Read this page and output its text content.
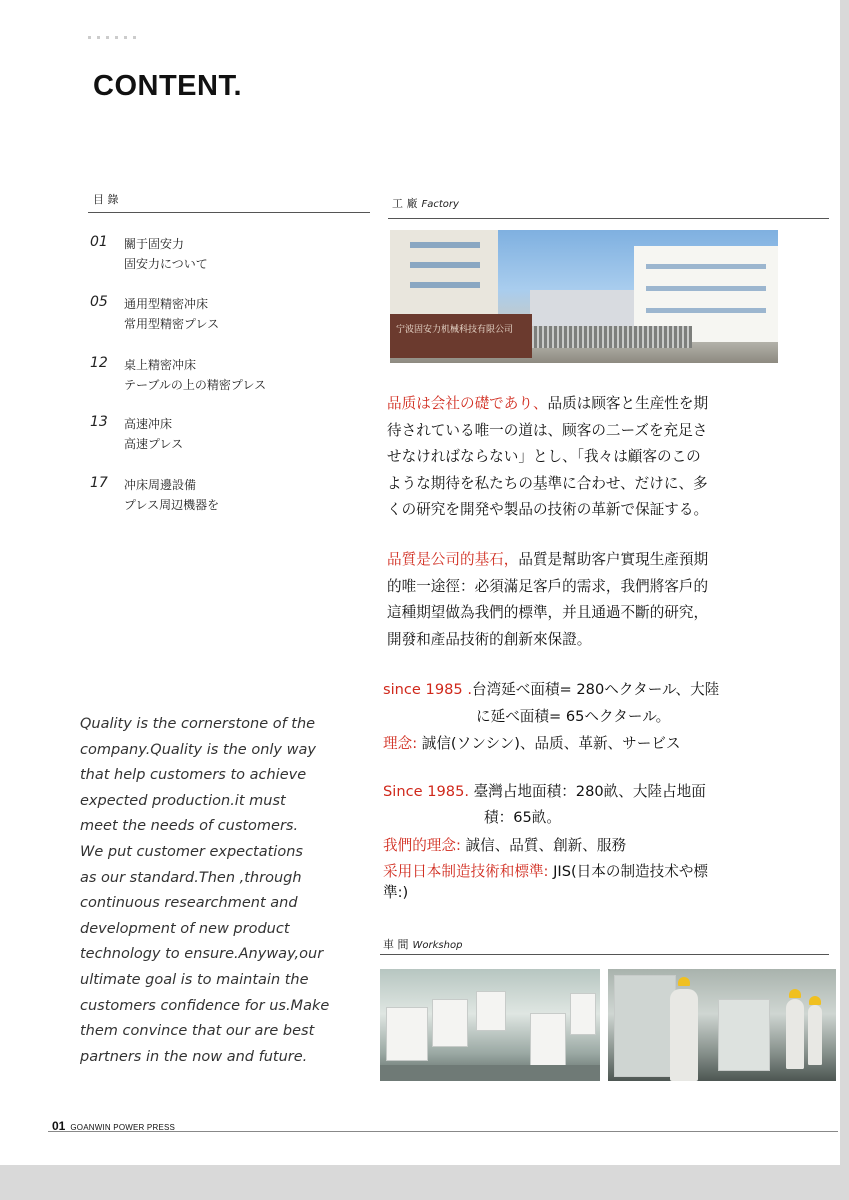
CONTENT.
目 錄
01 關于固安力
固安力について
05 通用型精密冲床
常用型精密プレス
12 桌上精密冲床
テーブルの上の精密プレス
13 高速冲床
高速プレス
17 冲床周邊設備
プレス周辺機器を

Quality is the cornerstone of the

company.Quality is the only way

that help customers to achieve

expected production.it must

meet the needs of customers.

We put customer expectations

as our standard.Then ,through

continuous researchment and

development of new product

technology to ensure.Anyway,our

ultimate goal is to maintain the

customers confidence for us.Make

them convince that our are best

partners in the now and future.

工 廠 Factory
宁波固安力机械科技有限公司

品质は会社の礎であり、品质は顾客と生産性を期

待されている唯一の道は、顾客の二ーズを充足さ

せなければならない」とし、「我々は顧客のこの

ような期待を私たちの基準に合わせ、だけに、多

くの研究を開発や製品の技術の革新で保証する。

品質是公司的基石，品質是幫助客户實現生產預期

的唯一途徑：必須滿足客戶的需求，我們將客戶的

這種期望做為我們的標準，并且通過不斷的研究，

開發和產品技術的創新來保證。

since 1985 .台湾延べ面積= 280ヘクタール、大陸
に延べ面積= 65ヘクタール。
理念: 誠信(ソンシン)、品质、革新、サービス
Since 1985. 臺灣占地面積：280畝、大陸占地面
積：65畝。
我們的理念: 誠信、品質、創新、服務
采用日本制造技術和標準: JIS(日本の制造技术や標
準:)
車 間 Workshop
01 GOANWIN POWER PRESS
